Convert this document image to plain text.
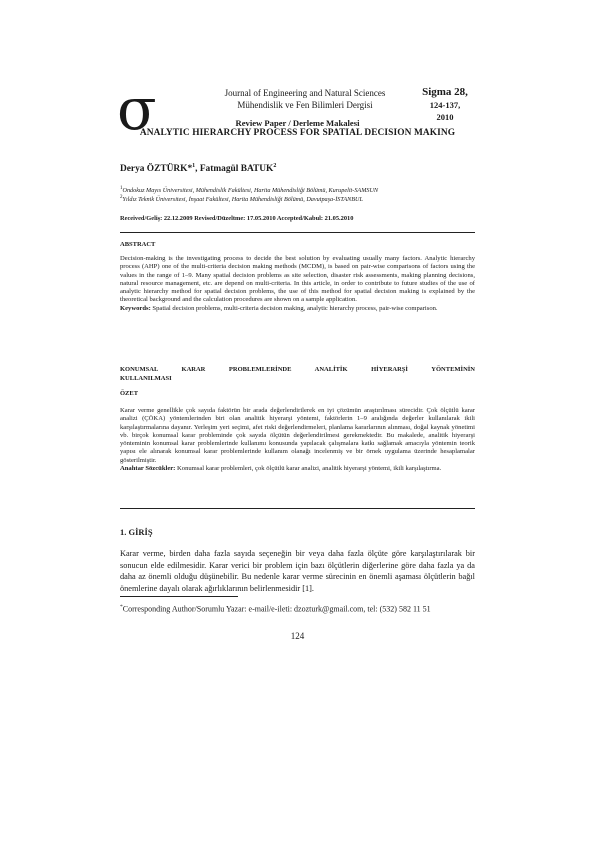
σ	Journal of Engineering and Natural Sciences
Mühendislik ve Fen Bilimleri Dergisi
Sigma 28,
124-137,
2010
Review Paper / Derleme Makalesi
ANALYTIC HIERARCHY PROCESS FOR SPATIAL DECISION MAKING
Derya ÖZTÜRK*$^1$, Fatmagül BATUK$^2$
$^1$Ondokuz Mayıs Üniversitesi, Mühendislik Fakültesi, Harita Mühendisliği Bölümü, Kurupelit-SAMSUN
$^2$Yıldız Teknik Üniversitesi, İnşaat Fakültesi, Harita Mühendisliği Bölümü, Davutpaşa-İSTANBUL
Received/Geliş: 22.12.2009 Revised/Düzeltme: 17.05.2010 Accepted/Kabul: 21.05.2010
ABSTRACT
Decision-making is the investigating process to decide the best solution by evaluating usually many factors. Analytic hierarchy process (AHP) one of the multi-criteria decision making methods (MCDM), is based on pair-wise comparisons of factors using the values in the range of 1–9. Many spatial decision problems as site selection, disaster risk assessments, making planning decisions, natural resource management, etc. are depend on multi-criteria. In this article, in order to contribute to future studies of the use of analytic hierarchy method for spatial decision problems, the use of this method for spatial decision making is explained by the theoretical background and the calculation procedures are shown on a sample application.
Keywords: Spatial decision problems, multi-criteria decision making, analytic hierarchy process, pair-wise comparison.
KONUMSAL KARAR PROBLEMLERİNDE ANALİTİK HİYERARŞİ YÖNTEMİNİN
KULLANILMASI
ÖZET
Karar verme genellikle çok sayıda faktörün bir arada değerlendirilerek en iyi çözümün araştırılması sürecidir. Çok ölçütlü karar analizi (ÇÖKA) yöntemlerinden biri olan analitik hiyerarşi yöntemi, faktörlerin 1–9 aralığında değerler kullanılarak ikili karşılaştırmalarına dayanır. Yerleşim yeri seçimi, afet riski değerlendirmeleri, planlama kararlarının alınması, doğal kaynak yönetimi vb. birçok konumsal karar probleminde çok sayıda ölçütün değerlendirilmesi gerekmektedir. Bu makalede, analitik hiyerarşi yönteminin konumsal karar problemlerinde kullanımı konusunda yapılacak çalışmalara katkı sağlamak amacıyla yöntemin teorik yapısı ele alınarak konumsal karar problemlerinde kullanım olanağı incelenmiş ve bir örnek uygulama üzerinde hesaplamalar gösterilmiştir.
Anahtar Sözcükler: Konumsal karar problemleri, çok ölçütlü karar analizi, analitik hiyerarşi yöntemi, ikili karşılaştırma.
1. GİRİŞ
Karar verme, birden daha fazla sayıda seçeneğin bir veya daha fazla ölçüte göre karşılaştırılarak bir sonucun elde edilmesidir. Karar verici bir problem için bazı ölçütlerin diğerlerine göre daha fazla ya da daha az önemli olduğu düşünebilir. Bu nedenle karar verme sürecinin en önemli aşaması ölçütlerin bağıl önemlerine dayalı olarak ağırlıklarının belirlenmesidir [1].
*Corresponding Author/Sorumlu Yazar: e-mail/e-ileti: dzozturk@gmail.com, tel: (532) 582 11 51
124
